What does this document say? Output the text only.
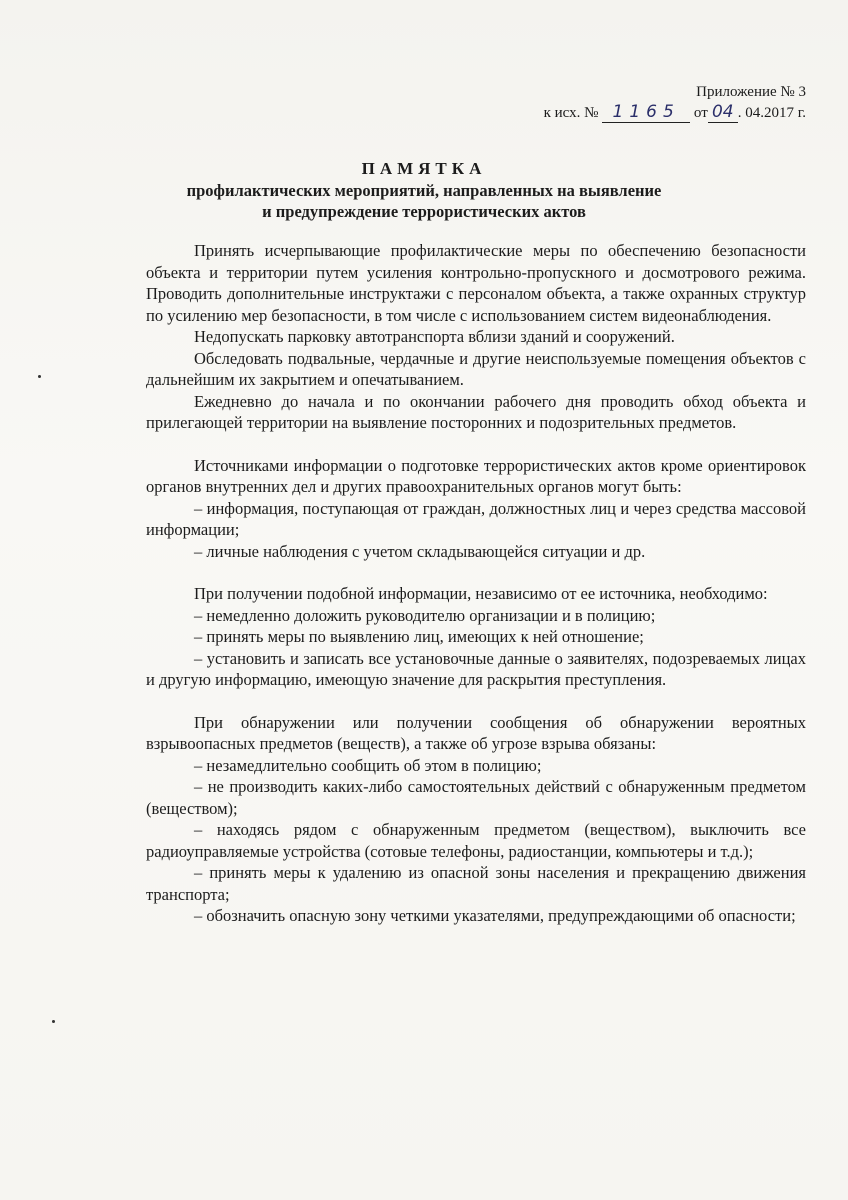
Приложение № 3
к исх. № 1165 от 04 . 04.2017 г.
ПАМЯТКА
профилактических мероприятий, направленных на выявление
и предупреждение террористических актов

Принять исчерпывающие профилактические меры по обеспечению безопасности объекта и территории путем усиления контрольно-пропускного и досмотрового режима. Проводить дополнительные инструктажи с персоналом объекта, а также охранных структур по усилению мер безопасности, в том числе с использованием систем видеонаблюдения.

Недопускать парковку автотранспорта вблизи зданий и сооружений.

Обследовать подвальные, чердачные и другие неиспользуемые помещения объектов с дальнейшим их закрытием и опечатыванием.

Ежедневно до начала и по окончании рабочего дня проводить обход объекта и прилегающей территории на выявление посторонних и подозрительных предметов.

Источниками информации о подготовке террористических актов кроме ориентировок органов внутренних дел и других правоохранительных органов могут быть:

– информация, поступающая от граждан, должностных лиц и через средства массовой информации;

– личные наблюдения с учетом складывающейся ситуации и др.

При получении подобной информации, независимо от ее источника, необходимо:

– немедленно доложить руководителю организации и в полицию;

– принять меры по выявлению лиц, имеющих к ней отношение;

– установить и записать все установочные данные о заявителях, подозреваемых лицах и другую информацию, имеющую значение для раскрытия преступления.

При обнаружении или получении сообщения об обнаружении вероятных взрывоопасных предметов (веществ), а также об угрозе взрыва обязаны:

– незамедлительно сообщить об этом в полицию;

– не производить каких-либо самостоятельных действий с обнаруженным предметом (веществом);

– находясь рядом с обнаруженным предметом (веществом), выключить все радиоуправляемые устройства (сотовые телефоны, радиостанции, компьютеры и т.д.);

– принять меры к удалению из опасной зоны населения и прекращению движения транспорта;

– обозначить опасную зону четкими указателями, предупреждающими об опасности;
